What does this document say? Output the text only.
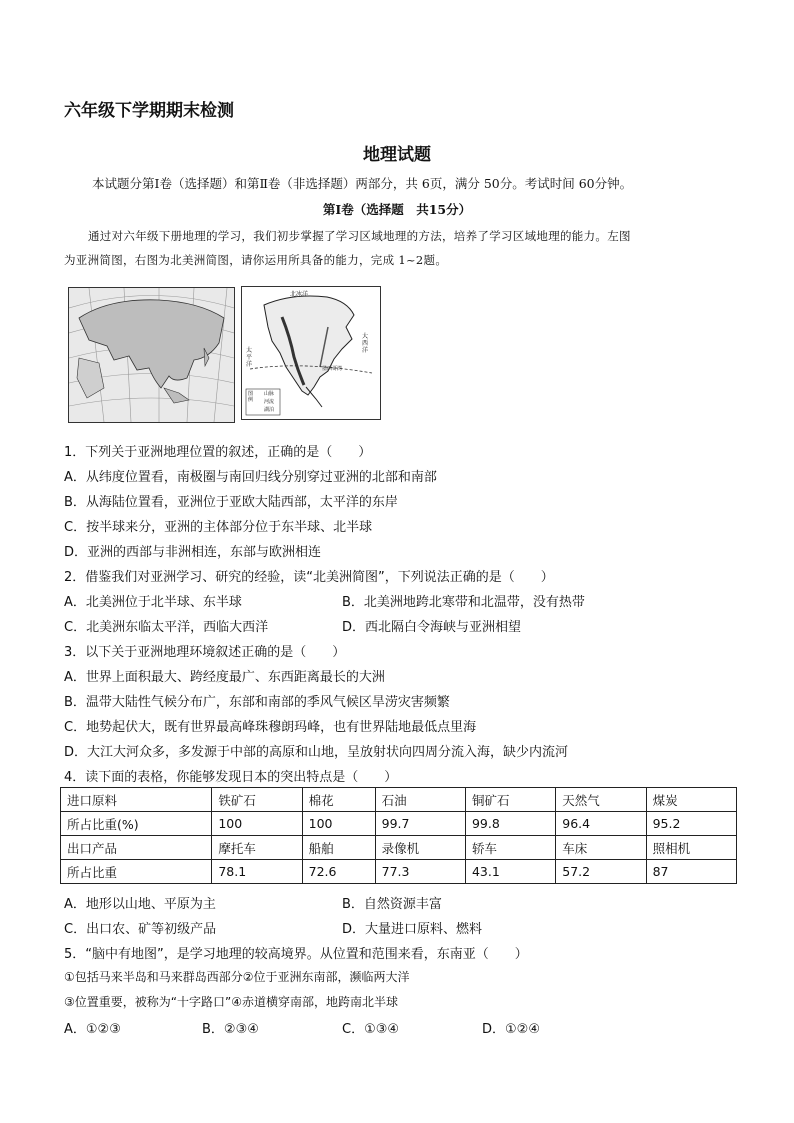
六年级下学期期末检测
地理试题
本试题分第Ⅰ卷（选择题）和第Ⅱ卷（非选择题）两部分，共 6页，满分 50分。考试时间 60分钟。
第Ⅰ卷（选择题　共15分）
通过对六年级下册地理的学习，我们初步掌握了学习区域地理的方法，培养了学习区域地理的能力。左图
为亚洲简图，右图为北美洲简图，请你运用所具备的能力，完成 1~2题。
北冰洋
太平洋
大西洋
墨西哥湾
图例
山脉
河流
湖泊
1．下列关于亚洲地理位置的叙述，正确的是（　　）
A．从纬度位置看，南极圈与南回归线分别穿过亚洲的北部和南部
B．从海陆位置看，亚洲位于亚欧大陆西部，太平洋的东岸
C．按半球来分，亚洲的主体部分位于东半球、北半球
D．亚洲的西部与非洲相连，东部与欧洲相连
2．借鉴我们对亚洲学习、研究的经验，读“北美洲简图”，下列说法正确的是（　　）
A．北美洲位于北半球、东半球	B．北美洲地跨北寒带和北温带，没有热带
C．北美洲东临太平洋，西临大西洋	D．西北隔白令海峡与亚洲相望
3．以下关于亚洲地理环境叙述正确的是（　　）
A．世界上面积最大、跨经度最广、东西距离最长的大洲
B．温带大陆性气候分布广，东部和南部的季风气候区旱涝灾害频繁
C．地势起伏大，既有世界最高峰珠穆朗玛峰，也有世界陆地最低点里海
D．大江大河众多，多发源于中部的高原和山地，呈放射状向四周分流入海，缺少内流河
4．读下面的表格，你能够发现日本的突出特点是（　　）
进口原料	铁矿石	棉花	石油	铜矿石	天然气	煤炭
所占比重(%)	100	100	99.7	99.8	96.4	95.2
出口产品	摩托车	船舶	录像机	轿车	车床	照相机
所占比重	78.1	72.6	77.3	43.1	57.2	87
A．地形以山地、平原为主	B．自然资源丰富
C．出口农、矿等初级产品	D．大量进口原料、燃料
5．“脑中有地图”，是学习地理的较高境界。从位置和范围来看，东南亚（　　）
①包括马来半岛和马来群岛西部分②位于亚洲东南部，濒临两大洋
③位置重要，被称为“十字路口”④赤道横穿南部，地跨南北半球
A．①②③	B．②③④	C．①③④	D．①②④
